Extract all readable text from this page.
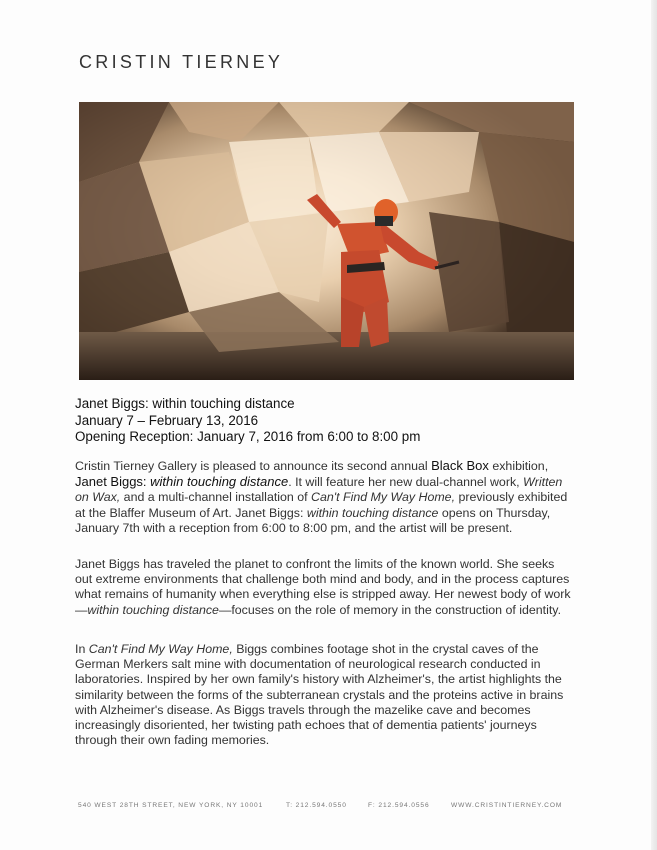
CRISTIN TIERNEY
Janet Biggs: within touching distance
January 7 – February 13, 2016
Opening Reception: January 7, 2016 from 6:00 to 8:00 pm

Cristin Tierney Gallery is pleased to announce its second annual Black Box exhibition, Janet Biggs: within touching distance. It will feature her new dual-channel work, Written on Wax, and a multi-channel installation of Can't Find My Way Home, previously exhibited at the Blaffer Museum of Art. Janet Biggs: within touching distance opens on Thursday, January 7th with a reception from 6:00 to 8:00 pm, and the artist will be present.

Janet Biggs has traveled the planet to confront the limits of the known world. She seeks out extreme environments that challenge both mind and body, and in the process captures what remains of humanity when everything else is stripped away. Her newest body of work—within touching distance—focuses on the role of memory in the construction of identity.

In Can't Find My Way Home, Biggs combines footage shot in the crystal caves of the German Merkers salt mine with documentation of neurological research conducted in laboratories. Inspired by her own family's history with Alzheimer's, the artist highlights the similarity between the forms of the subterranean crystals and the proteins active in brains with Alzheimer's disease. As Biggs travels through the mazelike cave and becomes increasingly disoriented, her twisting path echoes that of dementia patients' journeys through their own fading memories.

540 WEST 28TH STREET, NEW YORK, NY 10001	T: 212.594.0550	F: 212.594.0556	WWW.CRISTINTIERNEY.COM
